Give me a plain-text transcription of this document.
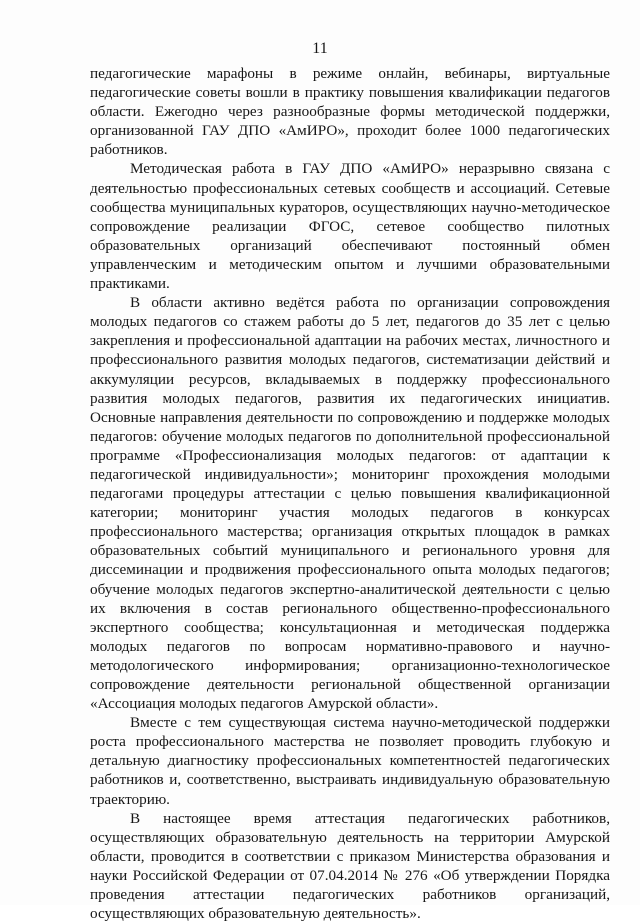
11
педагогические марафоны в режиме онлайн, вебинары, виртуальные
педагогические советы вошли в практику повышения квалификации педагогов
области. Ежегодно через разнообразные формы методической поддержки,
организованной ГАУ ДПО «АмИРО», проходит более 1000 педагогических
работников.
Методическая работа в ГАУ ДПО «АмИРО» неразрывно связана с
деятельностью профессиональных сетевых сообществ и ассоциаций. Сетевые
сообщества муниципальных кураторов, осуществляющих научно-методическое
сопровождение реализации ФГОС, сетевое сообщество пилотных
образовательных организаций обеспечивают постоянный обмен
управленческим и методическим опытом и лучшими образовательными
практиками.
В области активно ведётся работа по организации сопровождения
молодых педагогов со стажем работы до 5 лет, педагогов до 35 лет с целью
закрепления и профессиональной адаптации на рабочих местах, личностного и
профессионального развития молодых педагогов, систематизации действий и
аккумуляции ресурсов, вкладываемых в поддержку профессионального
развития молодых педагогов, развития их педагогических инициатив.
Основные направления деятельности по сопровождению и поддержке молодых
педагогов: обучение молодых педагогов по дополнительной профессиональной
программе «Профессионализация молодых педагогов: от адаптации к
педагогической индивидуальности»; мониторинг прохождения молодыми
педагогами процедуры аттестации с целью повышения квалификационной
категории; мониторинг участия молодых педагогов в конкурсах
профессионального мастерства; организация открытых площадок в рамках
образовательных событий муниципального и регионального уровня для
диссеминации и продвижения профессионального опыта молодых педагогов;
обучение молодых педагогов экспертно-аналитической деятельности с целью
их включения в состав регионального общественно-профессионального
экспертного сообщества; консультационная и методическая поддержка
молодых педагогов по вопросам нормативно-правового и научно-
методологического информирования; организационно-технологическое
сопровождение деятельности региональной общественной организации
«Ассоциация молодых педагогов Амурской области».
Вместе с тем существующая система научно-методической поддержки
роста профессионального мастерства не позволяет проводить глубокую и
детальную диагностику профессиональных компетентностей педагогических
работников и, соответственно, выстраивать индивидуальную образовательную
траекторию.
В настоящее время аттестация педагогических работников,
осуществляющих образовательную деятельность на территории Амурской
области, проводится в соответствии с приказом Министерства образования и
науки Российской Федерации от 07.04.2014 № 276 «Об утверждении Порядка
проведения аттестации педагогических работников организаций,
осуществляющих образовательную деятельность».
